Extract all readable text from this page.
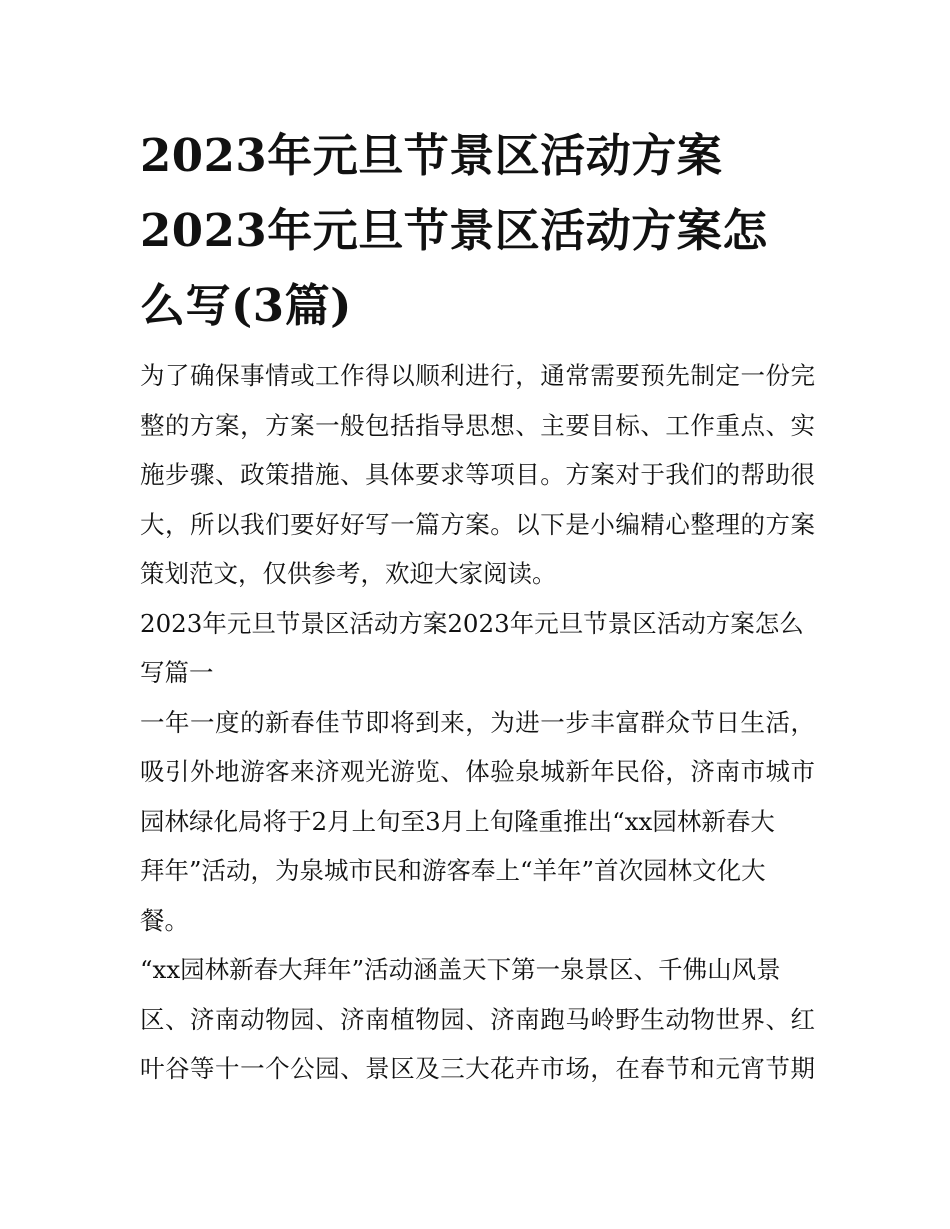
2023年元旦节景区活动方案
2023年元旦节景区活动方案怎
么写(3篇)

为了确保事情或工作得以顺利进行，通常需要预先制定一份完
整的方案，方案一般包括指导思想、主要目标、工作重点、实
施步骤、政策措施、具体要求等项目。方案对于我们的帮助很
大，所以我们要好好写一篇方案。以下是小编精心整理的方案
策划范文，仅供参考，欢迎大家阅读。

2023年元旦节景区活动方案2023年元旦节景区活动方案怎么
写篇一

一年一度的新春佳节即将到来，为进一步丰富群众节日生活，
吸引外地游客来济观光游览、体验泉城新年民俗，济南市城市
园林绿化局将于2月上旬至3月上旬隆重推出“xx园林新春大
拜年”活动，为泉城市民和游客奉上“羊年”首次园林文化大
餐。

“xx园林新春大拜年”活动涵盖天下第一泉景区、千佛山风景
区、济南动物园、济南植物园、济南跑马岭野生动物世界、红
叶谷等十一个公园、景区及三大花卉市场，在春节和元宵节期
